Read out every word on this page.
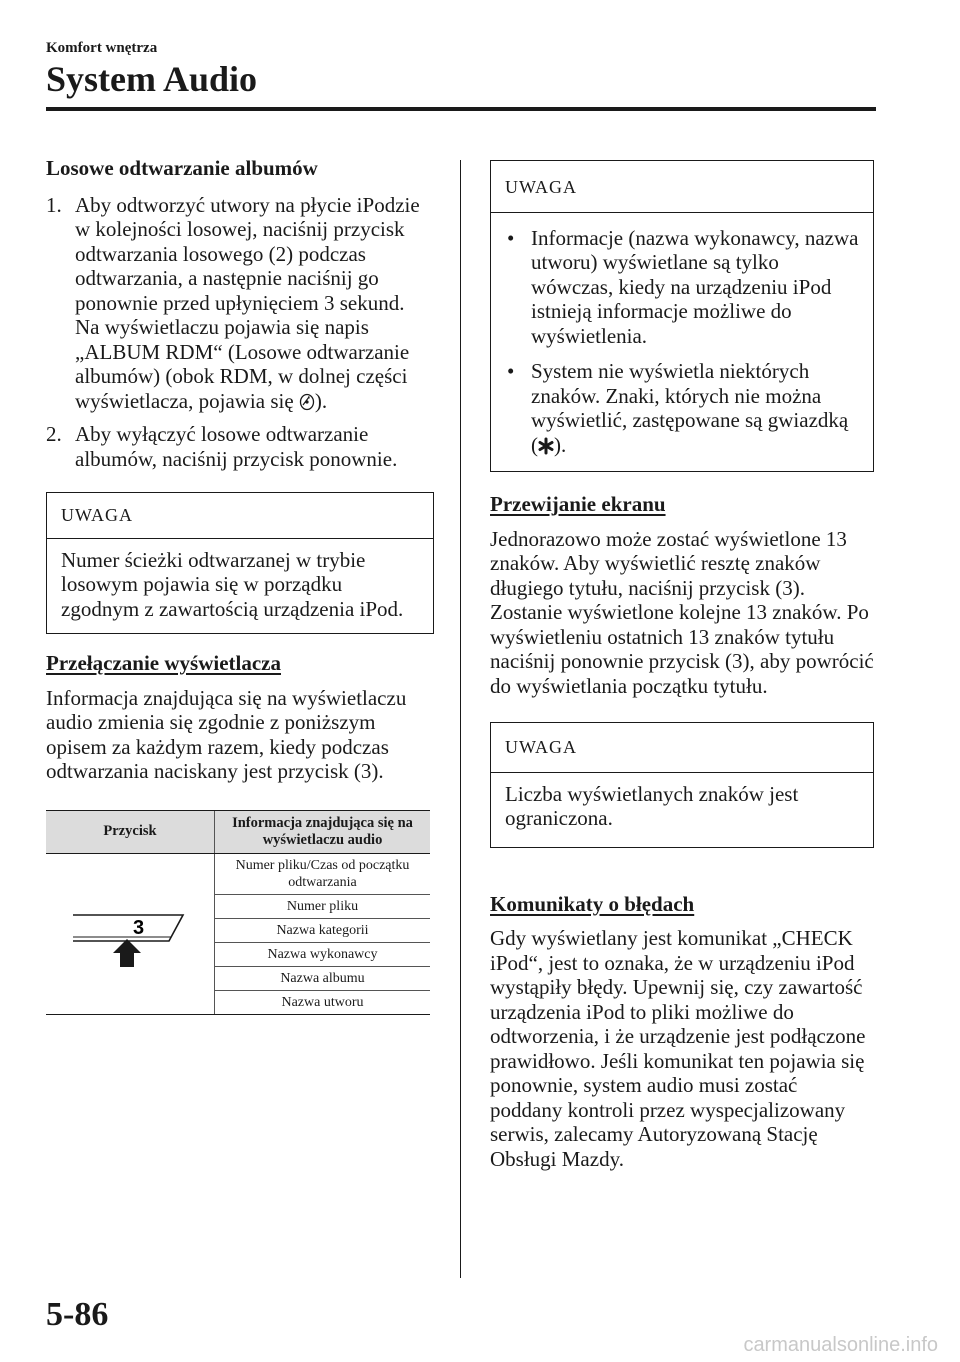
Komfort wnętrza
System Audio
Losowe odtwarzanie albumów
1. Aby odtworzyć utwory na płycie iPodzie w kolejności losowej, naciśnij przycisk odtwarzania losowego (2) podczas odtwarzania, a następnie naciśnij go ponownie przed upłynięciem 3 sekund. Na wyświetlaczu pojawia się napis „ALBUM RDM“ (Losowe odtwarzanie albumów) (obok RDM, w dolnej części wyświetlacza, pojawia się ).
2. Aby wyłączyć losowe odtwarzanie albumów, naciśnij przycisk ponownie.
UWAGA
Numer ścieżki odtwarzanej w trybie losowym pojawia się w porządku zgodnym z zawartością urządzenia iPod.
Przełączanie wyświetlacza

Informacja znajdująca się na wyświetlaczu audio zmienia się zgodnie z poniższym opisem za każdym razem, kiedy podczas odtwarzania naciskany jest przycisk (3).

Przycisk	Informacja znajdująca się na wyświetlaczu audio

3	Numer pliku/Czas od początku odtwarzania
	Numer pliku
	Nazwa kategorii
	Nazwa wykonawcy
	Nazwa albumu
	Nazwa utworu
UWAGA
• Informacje (nazwa wykonawcy, nazwa utworu) wyświetlane są tylko wówczas, kiedy na urządzeniu iPod istnieją informacje możliwe do wyświetlenia.
• System nie wyświetla niektórych znaków. Znaki, których nie można wyświetlić, zastępowane są gwiazdką ( ).
Przewijanie ekranu

Jednorazowo może zostać wyświetlone 13 znaków. Aby wyświetlić resztę znaków długiego tytułu, naciśnij przycisk (3). Zostanie wyświetlone kolejne 13 znaków. Po wyświetleniu ostatnich 13 znaków tytułu naciśnij ponownie przycisk (3), aby powrócić do wyświetlania początku tytułu.

UWAGA
Liczba wyświetlanych znaków jest ograniczona.
Komunikaty o błędach

Gdy wyświetlany jest komunikat „CHECK iPod“, jest to oznaka, że w urządzeniu iPod wystąpiły błędy. Upewnij się, czy zawartość urządzenia iPod to pliki możliwe do odtworzenia, i że urządzenie jest podłączone prawidłowo. Jeśli komunikat ten pojawia się ponownie, system audio musi zostać poddany kontroli przez wyspecjalizowany serwis, zalecamy Autoryzowaną Stację Obsługi Mazdy.

5-86
carmanualsonline.info
